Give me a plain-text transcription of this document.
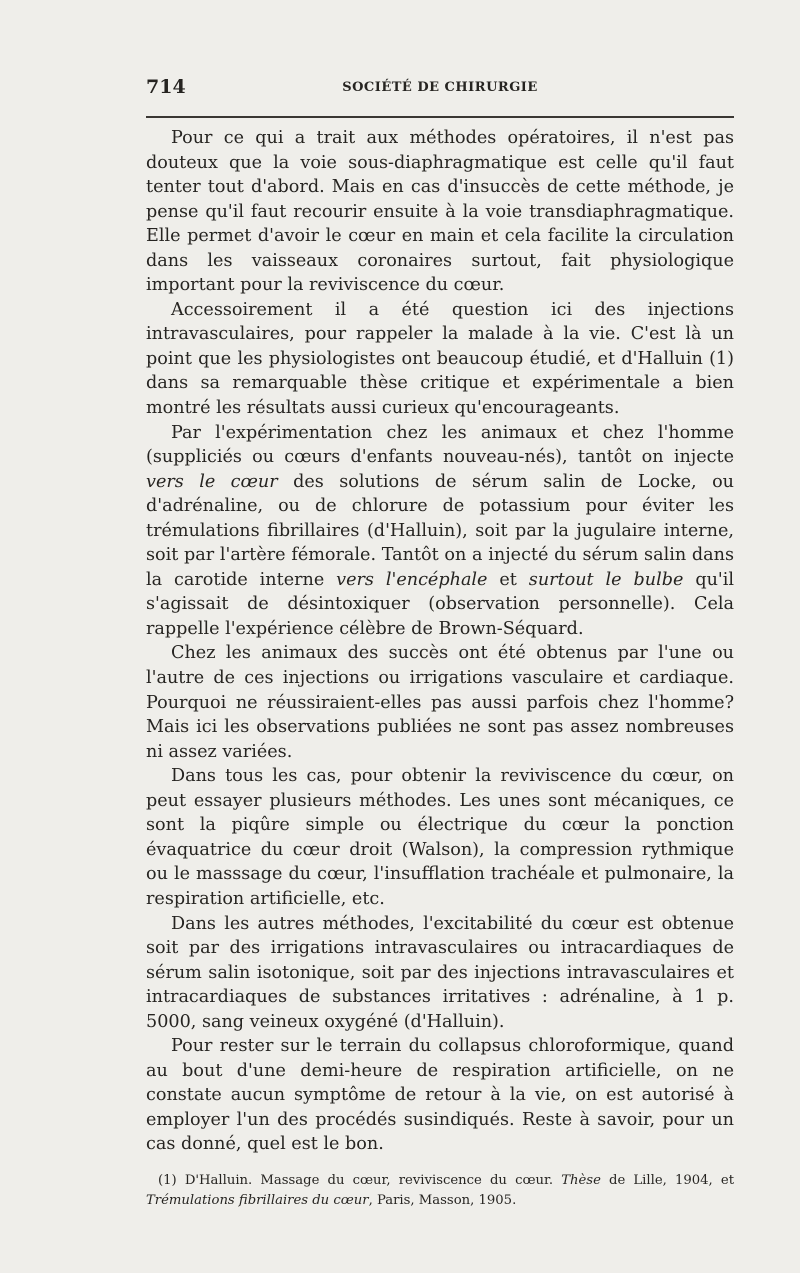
714	SOCIÉTÉ DE CHIRURGIE

Pour ce qui a trait aux méthodes opératoires, il n'est pas douteux que la voie sous-diaphragmatique est celle qu'il faut tenter tout d'abord. Mais en cas d'insuccès de cette méthode, je pense qu'il faut recourir ensuite à la voie transdiaphragmatique. Elle permet d'avoir le cœur en main et cela facilite la circulation dans les vaisseaux coronaires surtout, fait physiologique important pour la reviviscence du cœur.

Accessoirement il a été question ici des injections intravasculaires, pour rappeler la malade à la vie. C'est là un point que les physiologistes ont beaucoup étudié, et d'Halluin (1) dans sa remarquable thèse critique et expérimentale a bien montré les résultats aussi curieux qu'encourageants.

Par l'expérimentation chez les animaux et chez l'homme (suppliciés ou cœurs d'enfants nouveau-nés), tantôt on injecte vers le cœur des solutions de sérum salin de Locke, ou d'adrénaline, ou de chlorure de potassium pour éviter les trémulations fibrillaires (d'Halluin), soit par la jugulaire interne, soit par l'artère fémorale. Tantôt on a injecté du sérum salin dans la carotide interne vers l'encéphale et surtout le bulbe qu'il s'agissait de désintoxiquer (observation personnelle). Cela rappelle l'expérience célèbre de Brown-Séquard.

Chez les animaux des succès ont été obtenus par l'une ou l'autre de ces injections ou irrigations vasculaire et cardiaque. Pourquoi ne réussiraient-elles pas aussi parfois chez l'homme? Mais ici les observations publiées ne sont pas assez nombreuses ni assez variées.

Dans tous les cas, pour obtenir la reviviscence du cœur, on peut essayer plusieurs méthodes. Les unes sont mécaniques, ce sont la piqûre simple ou électrique du cœur la ponction évaquatrice du cœur droit (Walson), la compression rythmique ou le masssage du cœur, l'insufflation trachéale et pulmonaire, la respiration artificielle, etc.

Dans les autres méthodes, l'excitabilité du cœur est obtenue soit par des irrigations intravasculaires ou intracardiaques de sérum salin isotonique, soit par des injections intravasculaires et intracardiaques de substances irritatives : adrénaline, à 1 p. 5000, sang veineux oxygéné (d'Halluin).

Pour rester sur le terrain du collapsus chloroformique, quand au bout d'une demi-heure de respiration artificielle, on ne constate aucun symptôme de retour à la vie, on est autorisé à employer l'un des procédés susindiqués. Reste à savoir, pour un cas donné, quel est le bon.

(1) D'Halluin. Massage du cœur, reviviscence du cœur. Thèse de Lille, 1904, et Trémulations fibrillaires du cœur, Paris, Masson, 1905.
